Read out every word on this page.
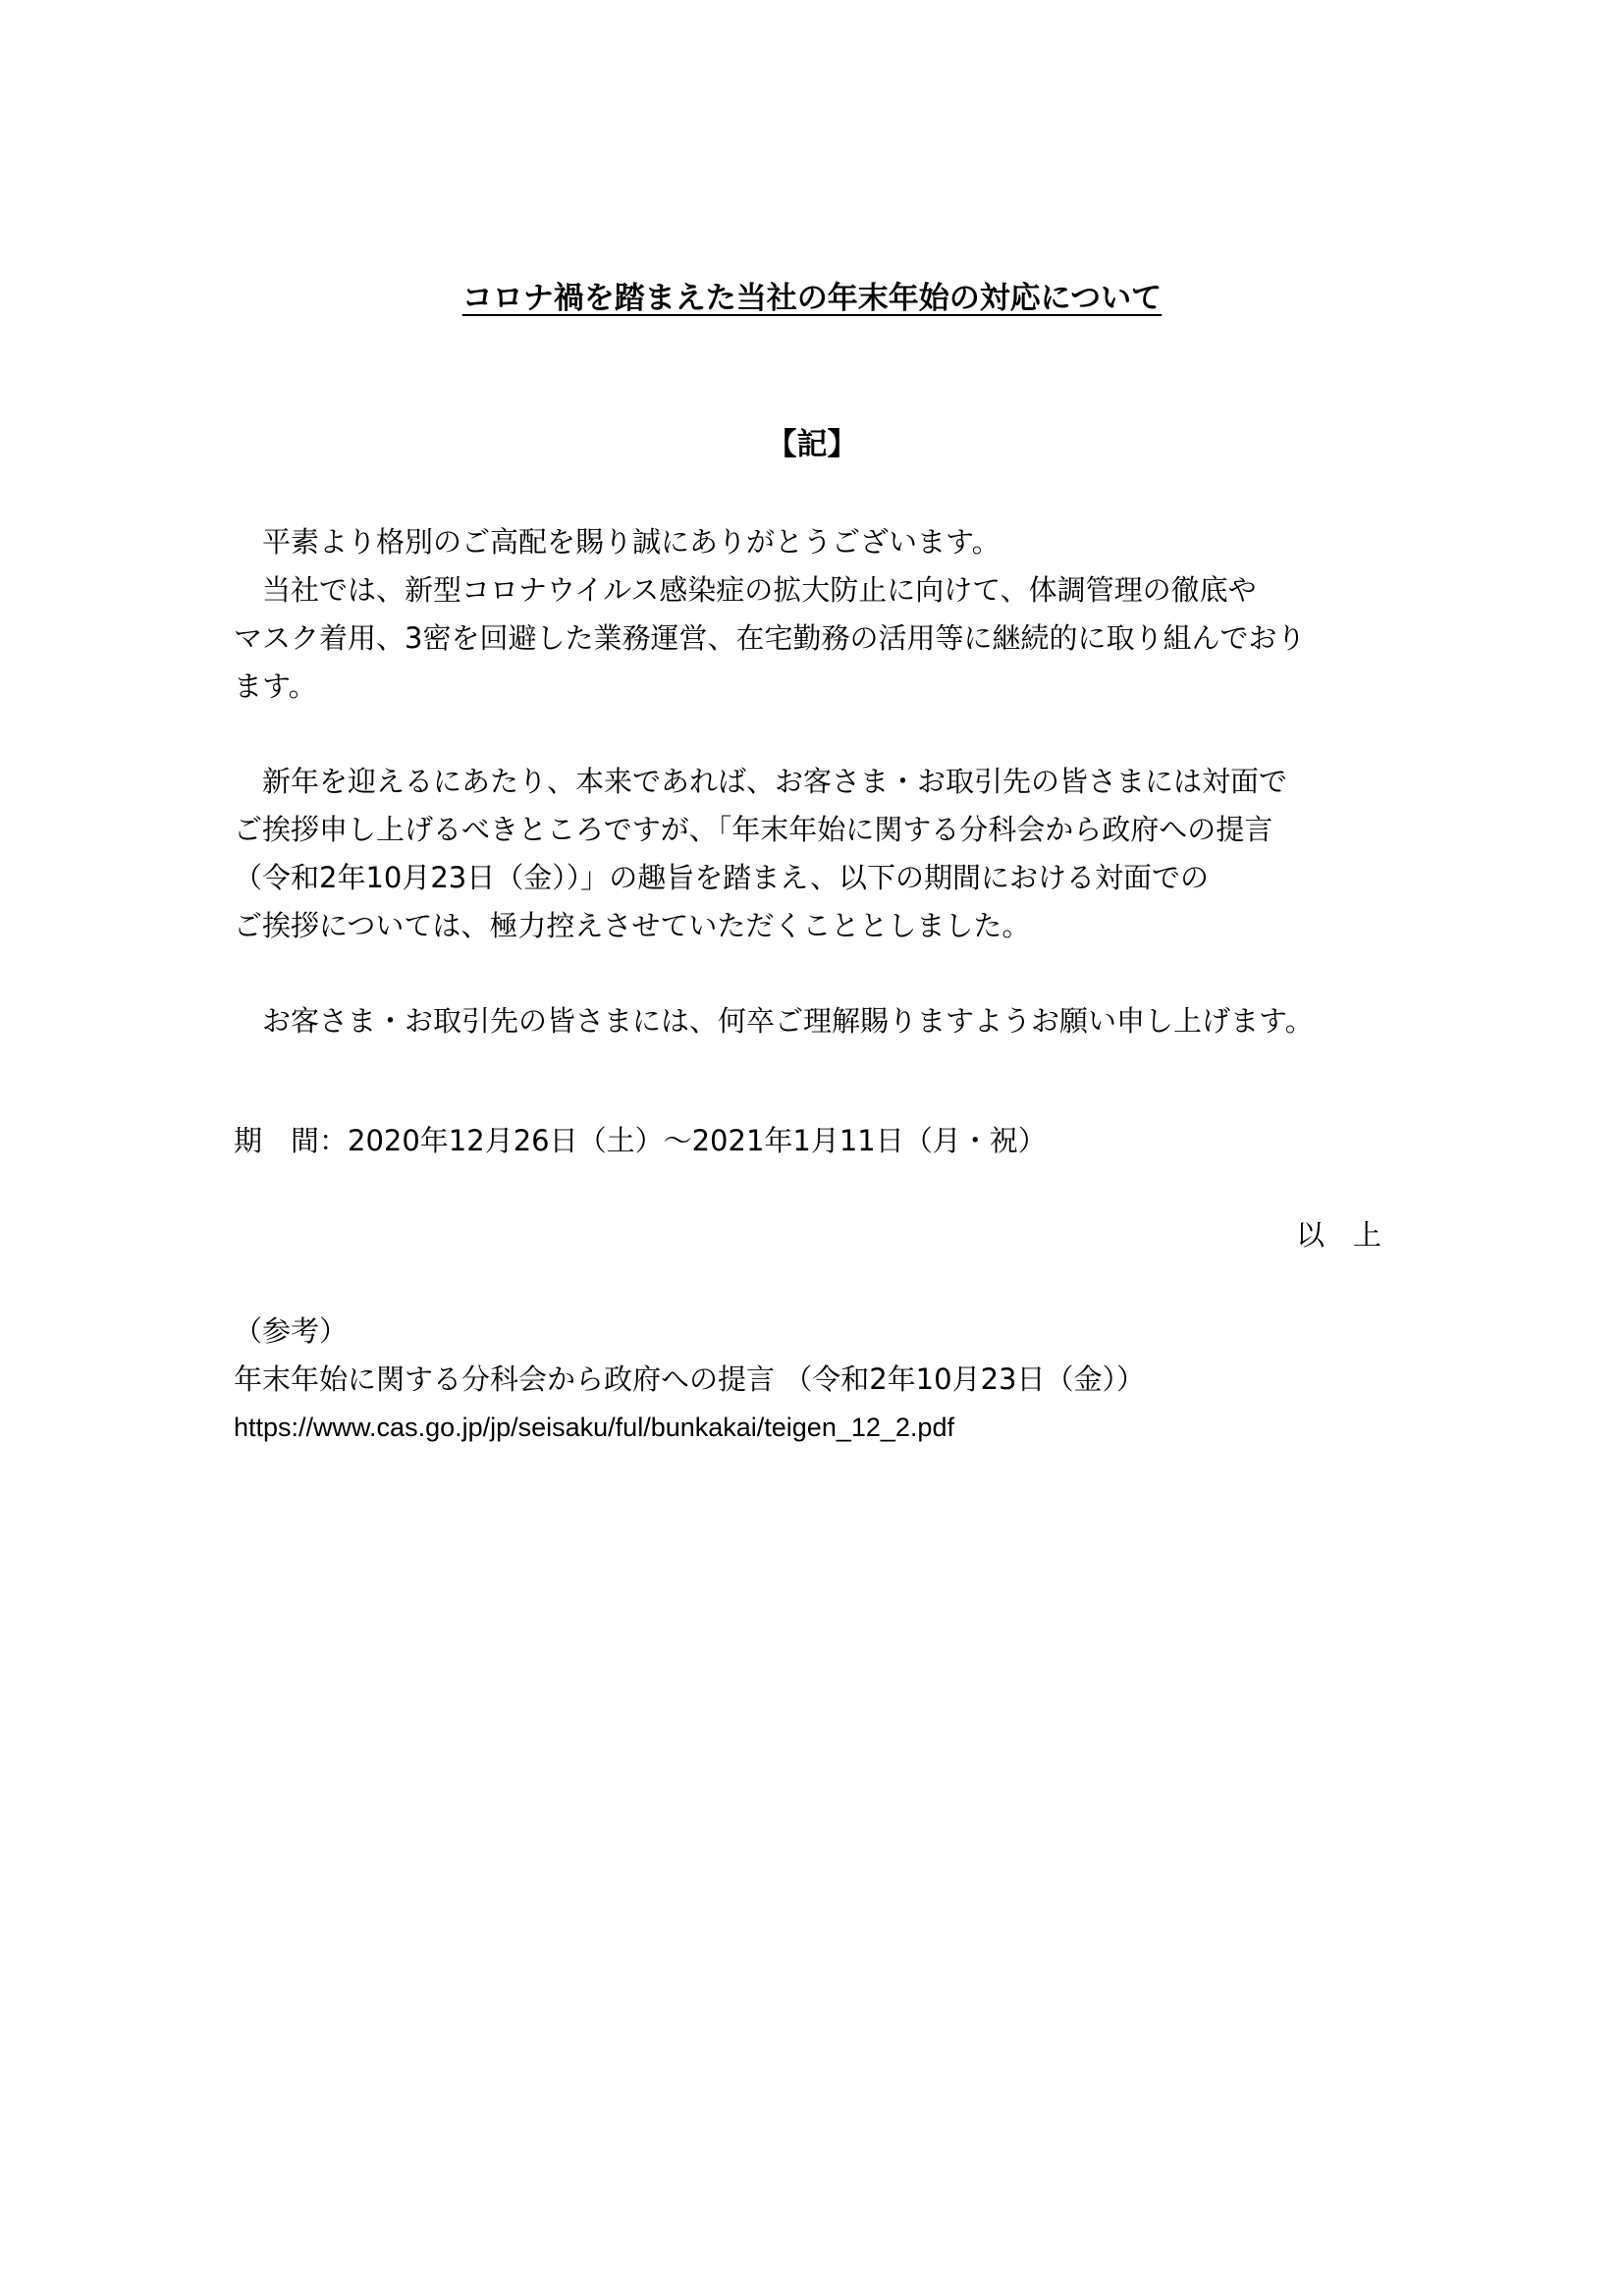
コロナ禍を踏まえた当社の年末年始の対応について
【記】
　平素より格別のご高配を賜り誠にありがとうございます。
　当社では、新型コロナウイルス感染症の拡大防止に向けて、体調管理の徹底や
マスク着用、3密を回避した業務運営、在宅勤務の活用等に継続的に取り組んでおり
ます。
　新年を迎えるにあたり、本来であれば、お客さま・お取引先の皆さまには対面で
ご挨拶申し上げるべきところですが、「年末年始に関する分科会から政府への提言
（令和2年10月23日（金））」の趣旨を踏まえ、以下の期間における対面での
ご挨拶については、極力控えさせていただくこととしました。
　お客さま・お取引先の皆さまには、何卒ご理解賜りますようお願い申し上げます。
期　間：2020年12月26日（土）～2021年1月11日（月・祝）
以　上
（参考）
年末年始に関する分科会から政府への提言 （令和2年10月23日（金））
https://www.cas.go.jp/jp/seisaku/ful/bunkakai/teigen_12_2.pdf
